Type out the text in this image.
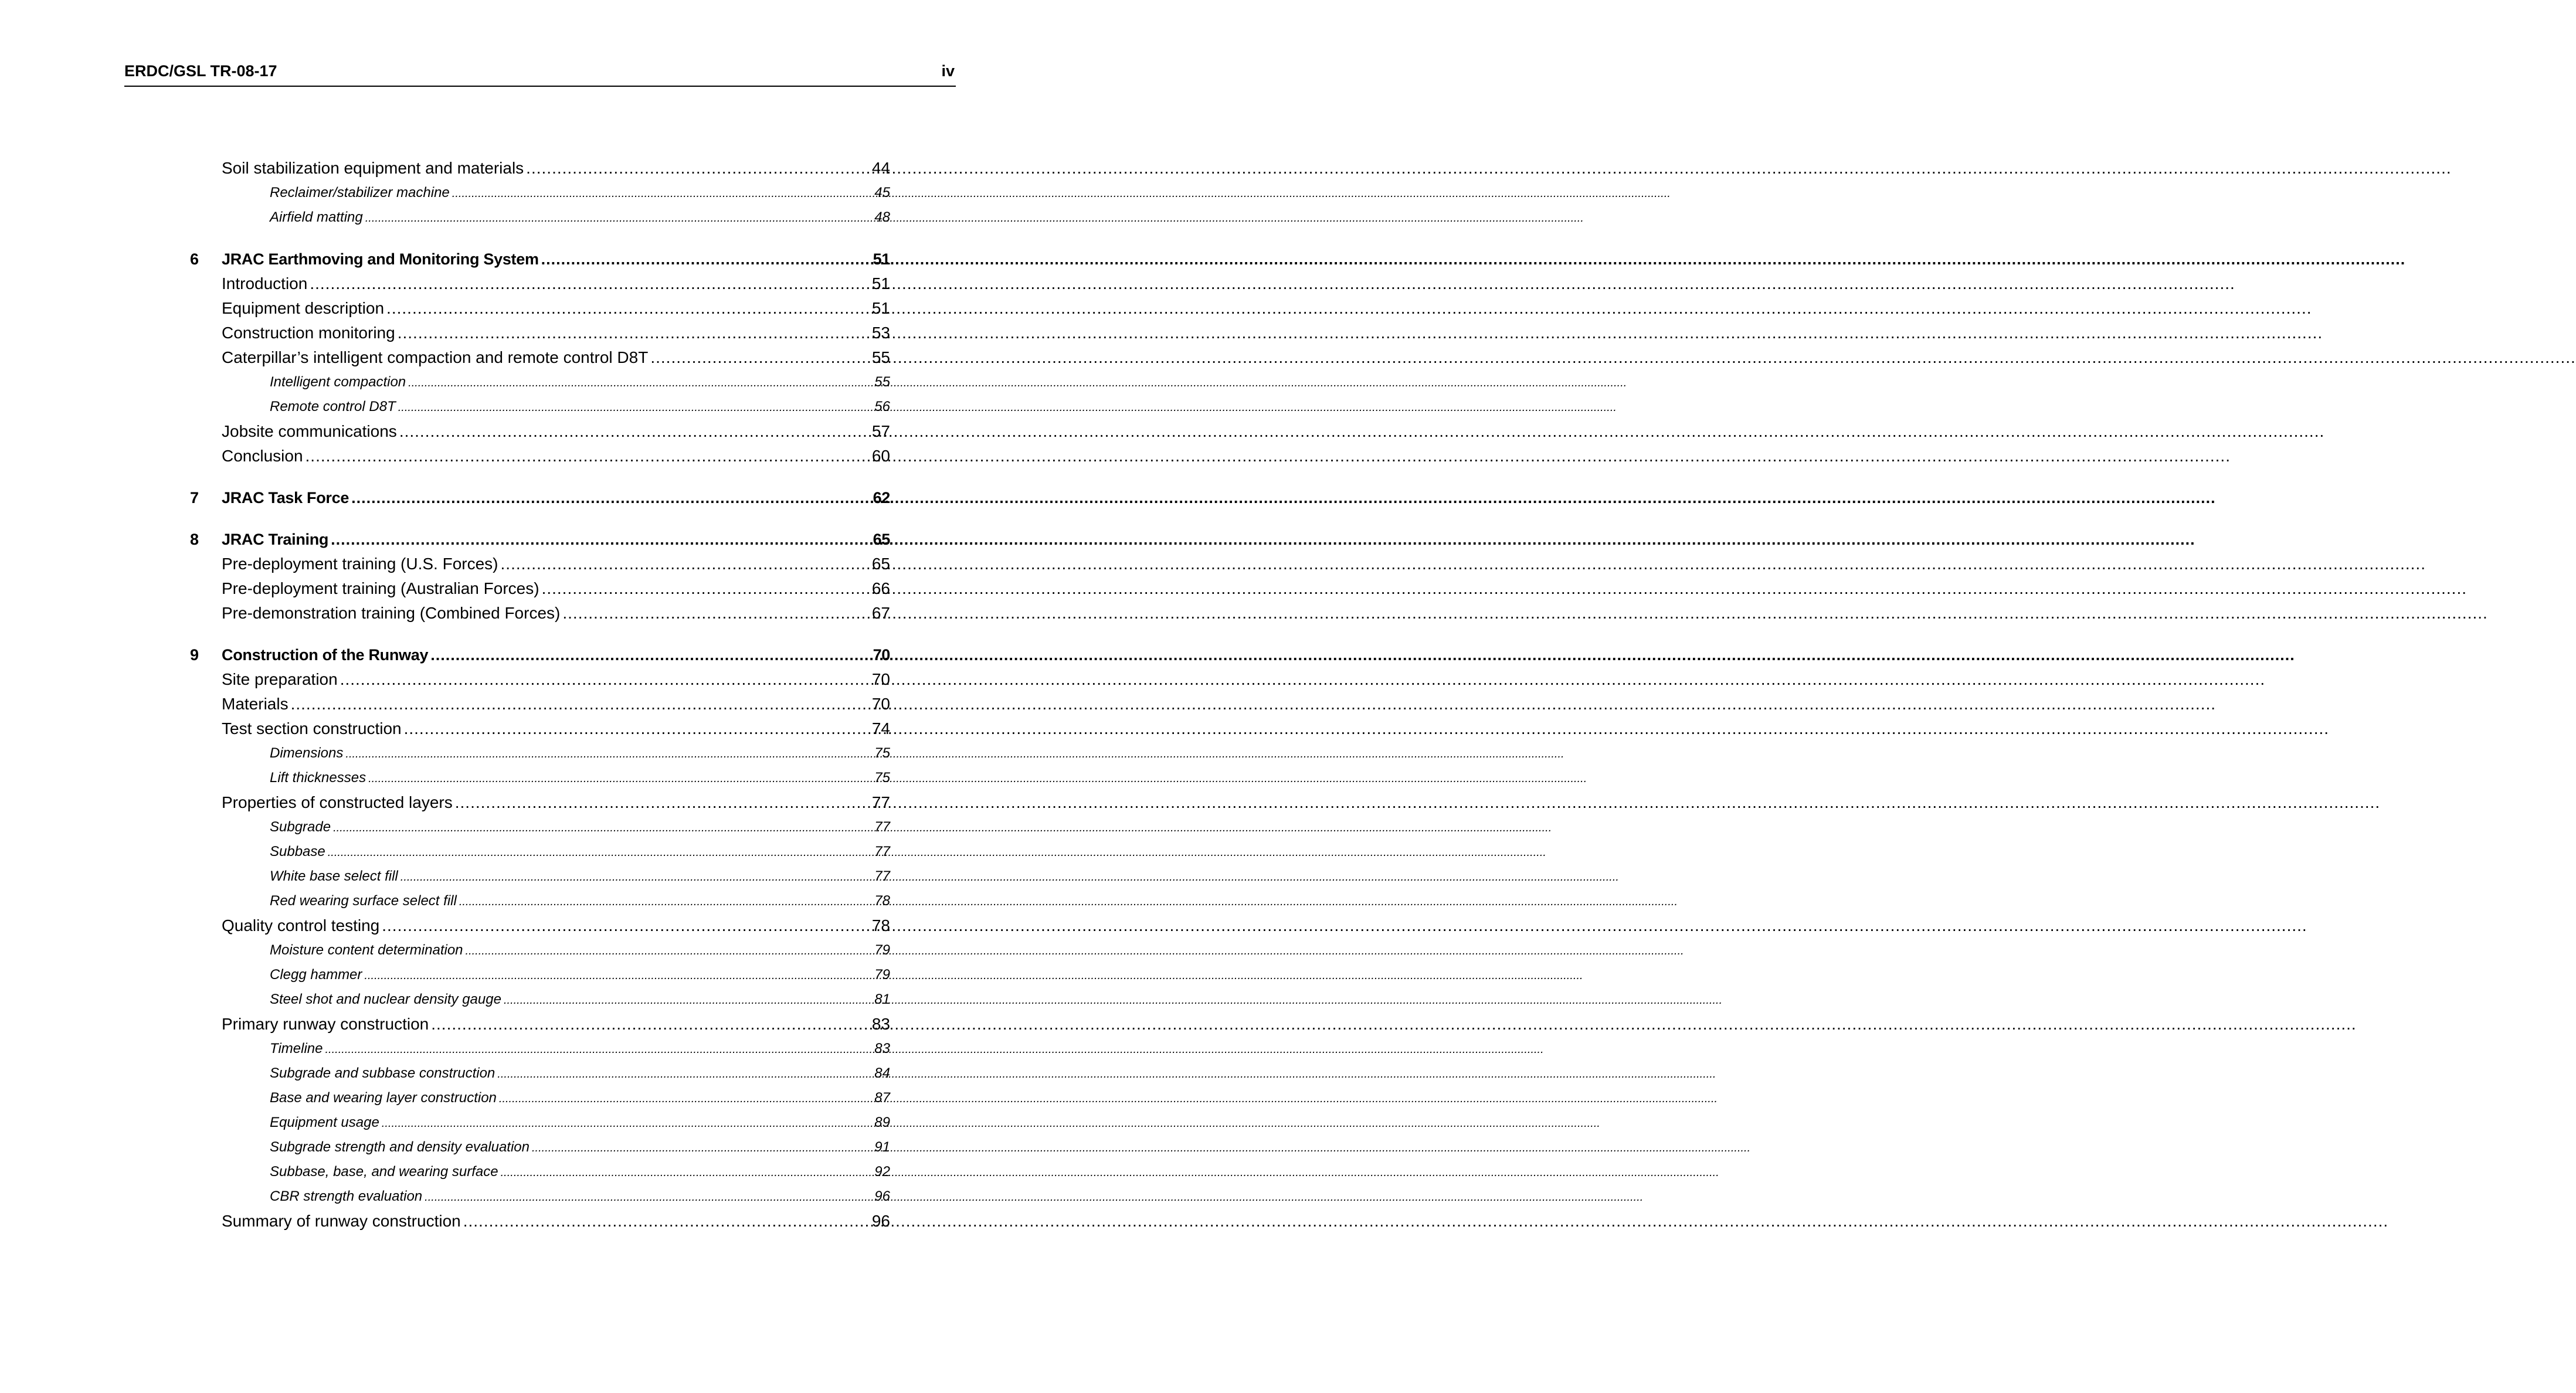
ERDC/GSL TR-08-17	iv
Soil stabilization equipment and materials .....	44
Reclaimer/stabilizer machine .....	45
Airfield matting .....	48
6 JRAC Earthmoving and Monitoring System .....	51
Introduction .....	51
Equipment description .....	51
Construction monitoring .....	53
Caterpillar’s intelligent compaction and remote control D8T .....	55
Intelligent compaction .....	55
Remote control D8T .....	56
Jobsite communications .....	57
Conclusion .....	60
7 JRAC Task Force .....	62
8 JRAC Training .....	65
Pre-deployment training (U.S. Forces) .....	65
Pre-deployment training (Australian Forces) .....	66
Pre-demonstration training (Combined Forces) .....	67
9 Construction of the Runway .....	70
Site preparation .....	70
Materials .....	70
Test section construction .....	74
Dimensions .....	75
Lift thicknesses .....	75
Properties of constructed layers .....	77
Subgrade .....	77
Subbase .....	77
White base select fill .....	77
Red wearing surface select fill .....	78
Quality control testing .....	78
Moisture content determination .....	79
Clegg hammer .....	79
Steel shot and nuclear density gauge .....	81
Primary runway construction .....	83
Timeline .....	83
Subgrade and subbase construction .....	84
Base and wearing layer construction .....	87
Equipment usage .....	89
Subgrade strength and density evaluation .....	91
Subbase, base, and wearing surface .....	92
CBR strength evaluation .....	96
Summary of runway construction .....	96
